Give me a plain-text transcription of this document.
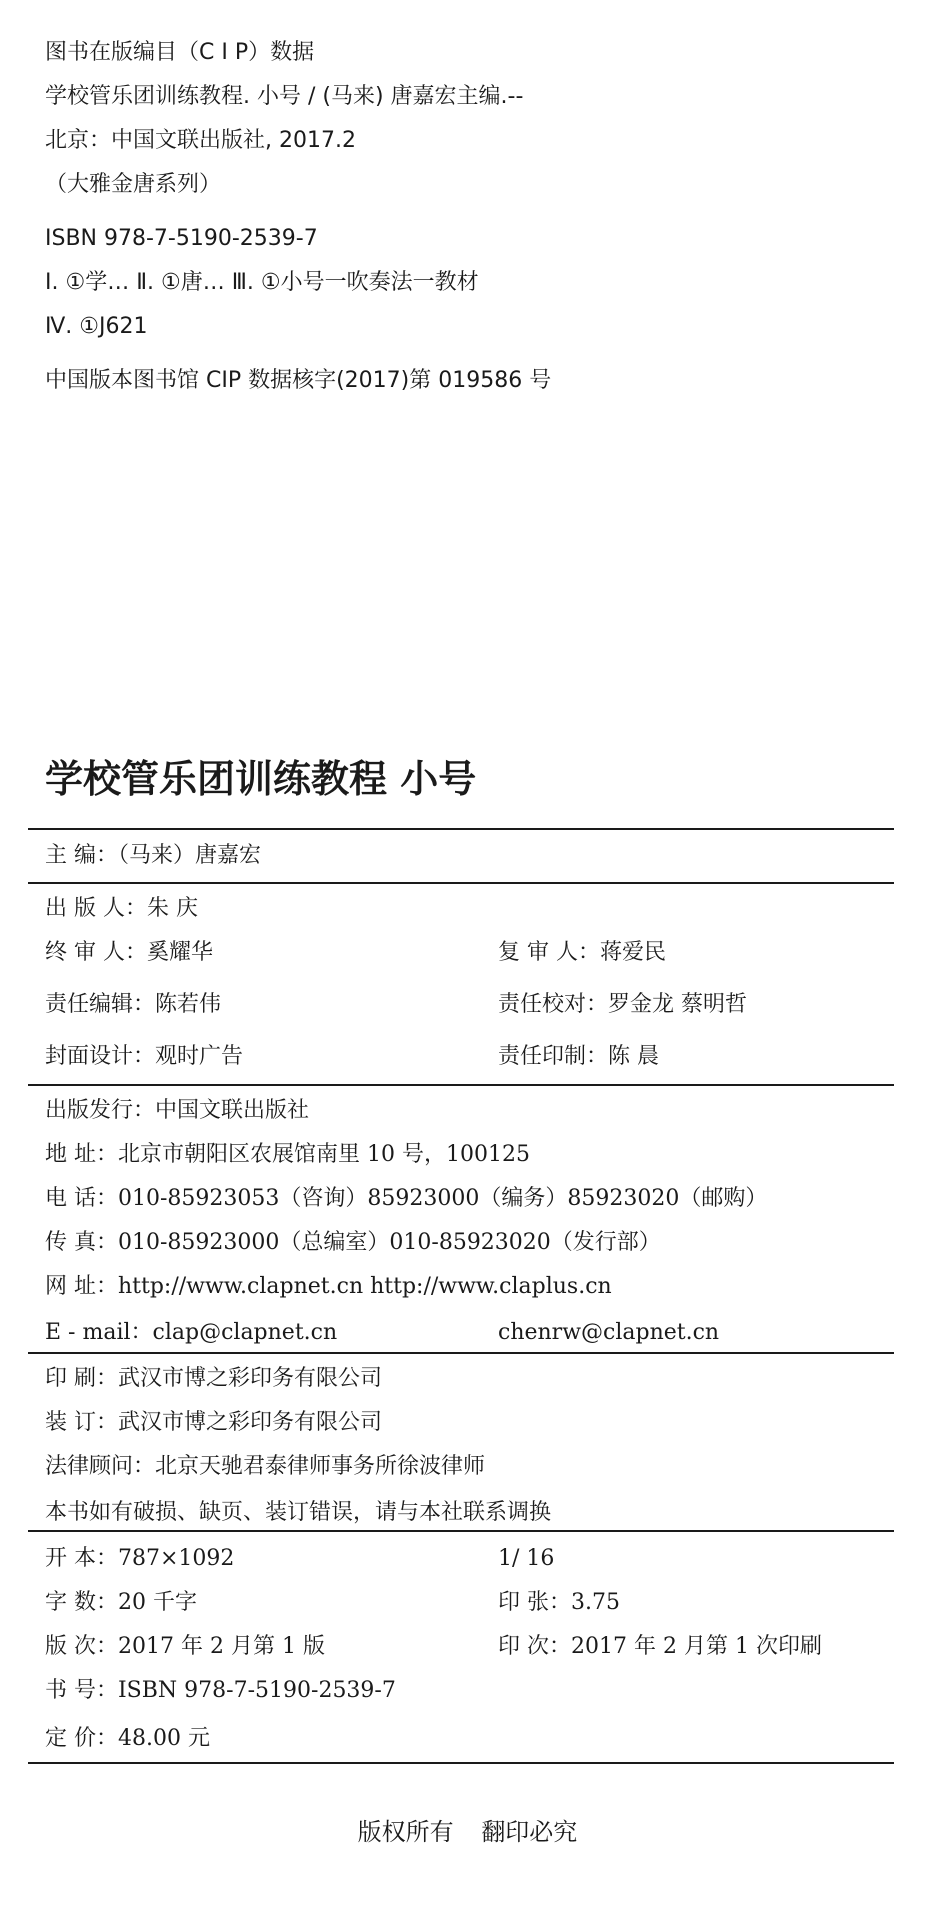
图书在版编目（C I P）数据
学校管乐团训练教程. 小号 / (马来) 唐嘉宏主编.--
北京：中国文联出版社, 2017.2
（大雅金唐系列）
ISBN 978-7-5190-2539-7
Ⅰ. ①学… Ⅱ. ①唐… Ⅲ. ①小号一吹奏法一教材
Ⅳ. ①J621
中国版本图书馆 CIP 数据核字(2017)第 019586 号
学校管乐团训练教程 小号
主 编：（马来）唐嘉宏
出 版 人：朱 庆
终 审 人：奚耀华	复 审 人：蒋爱民
责任编辑：陈若伟	责任校对：罗金龙 蔡明哲
封面设计：观时广告	责任印制：陈 晨
出版发行：中国文联出版社
地 址：北京市朝阳区农展馆南里 10 号，100125
电 话：010-85923053（咨询）85923000（编务）85923020（邮购）
传 真：010-85923000（总编室）010-85923020（发行部）
网 址：http://www.clapnet.cn http://www.claplus.cn
E - mail：clap@clapnet.cn	chenrw@clapnet.cn
印 刷：武汉市博之彩印务有限公司
装 订：武汉市博之彩印务有限公司
法律顾问：北京天驰君泰律师事务所徐波律师
本书如有破损、缺页、装订错误，请与本社联系调换
开 本：787×1092	1/ 16
字 数：20 千字	印 张：3.75
版 次：2017 年 2 月第 1 版	印 次：2017 年 2 月第 1 次印刷
书 号：ISBN 978-7-5190-2539-7
定 价：48.00 元
版权所有 翻印必究
